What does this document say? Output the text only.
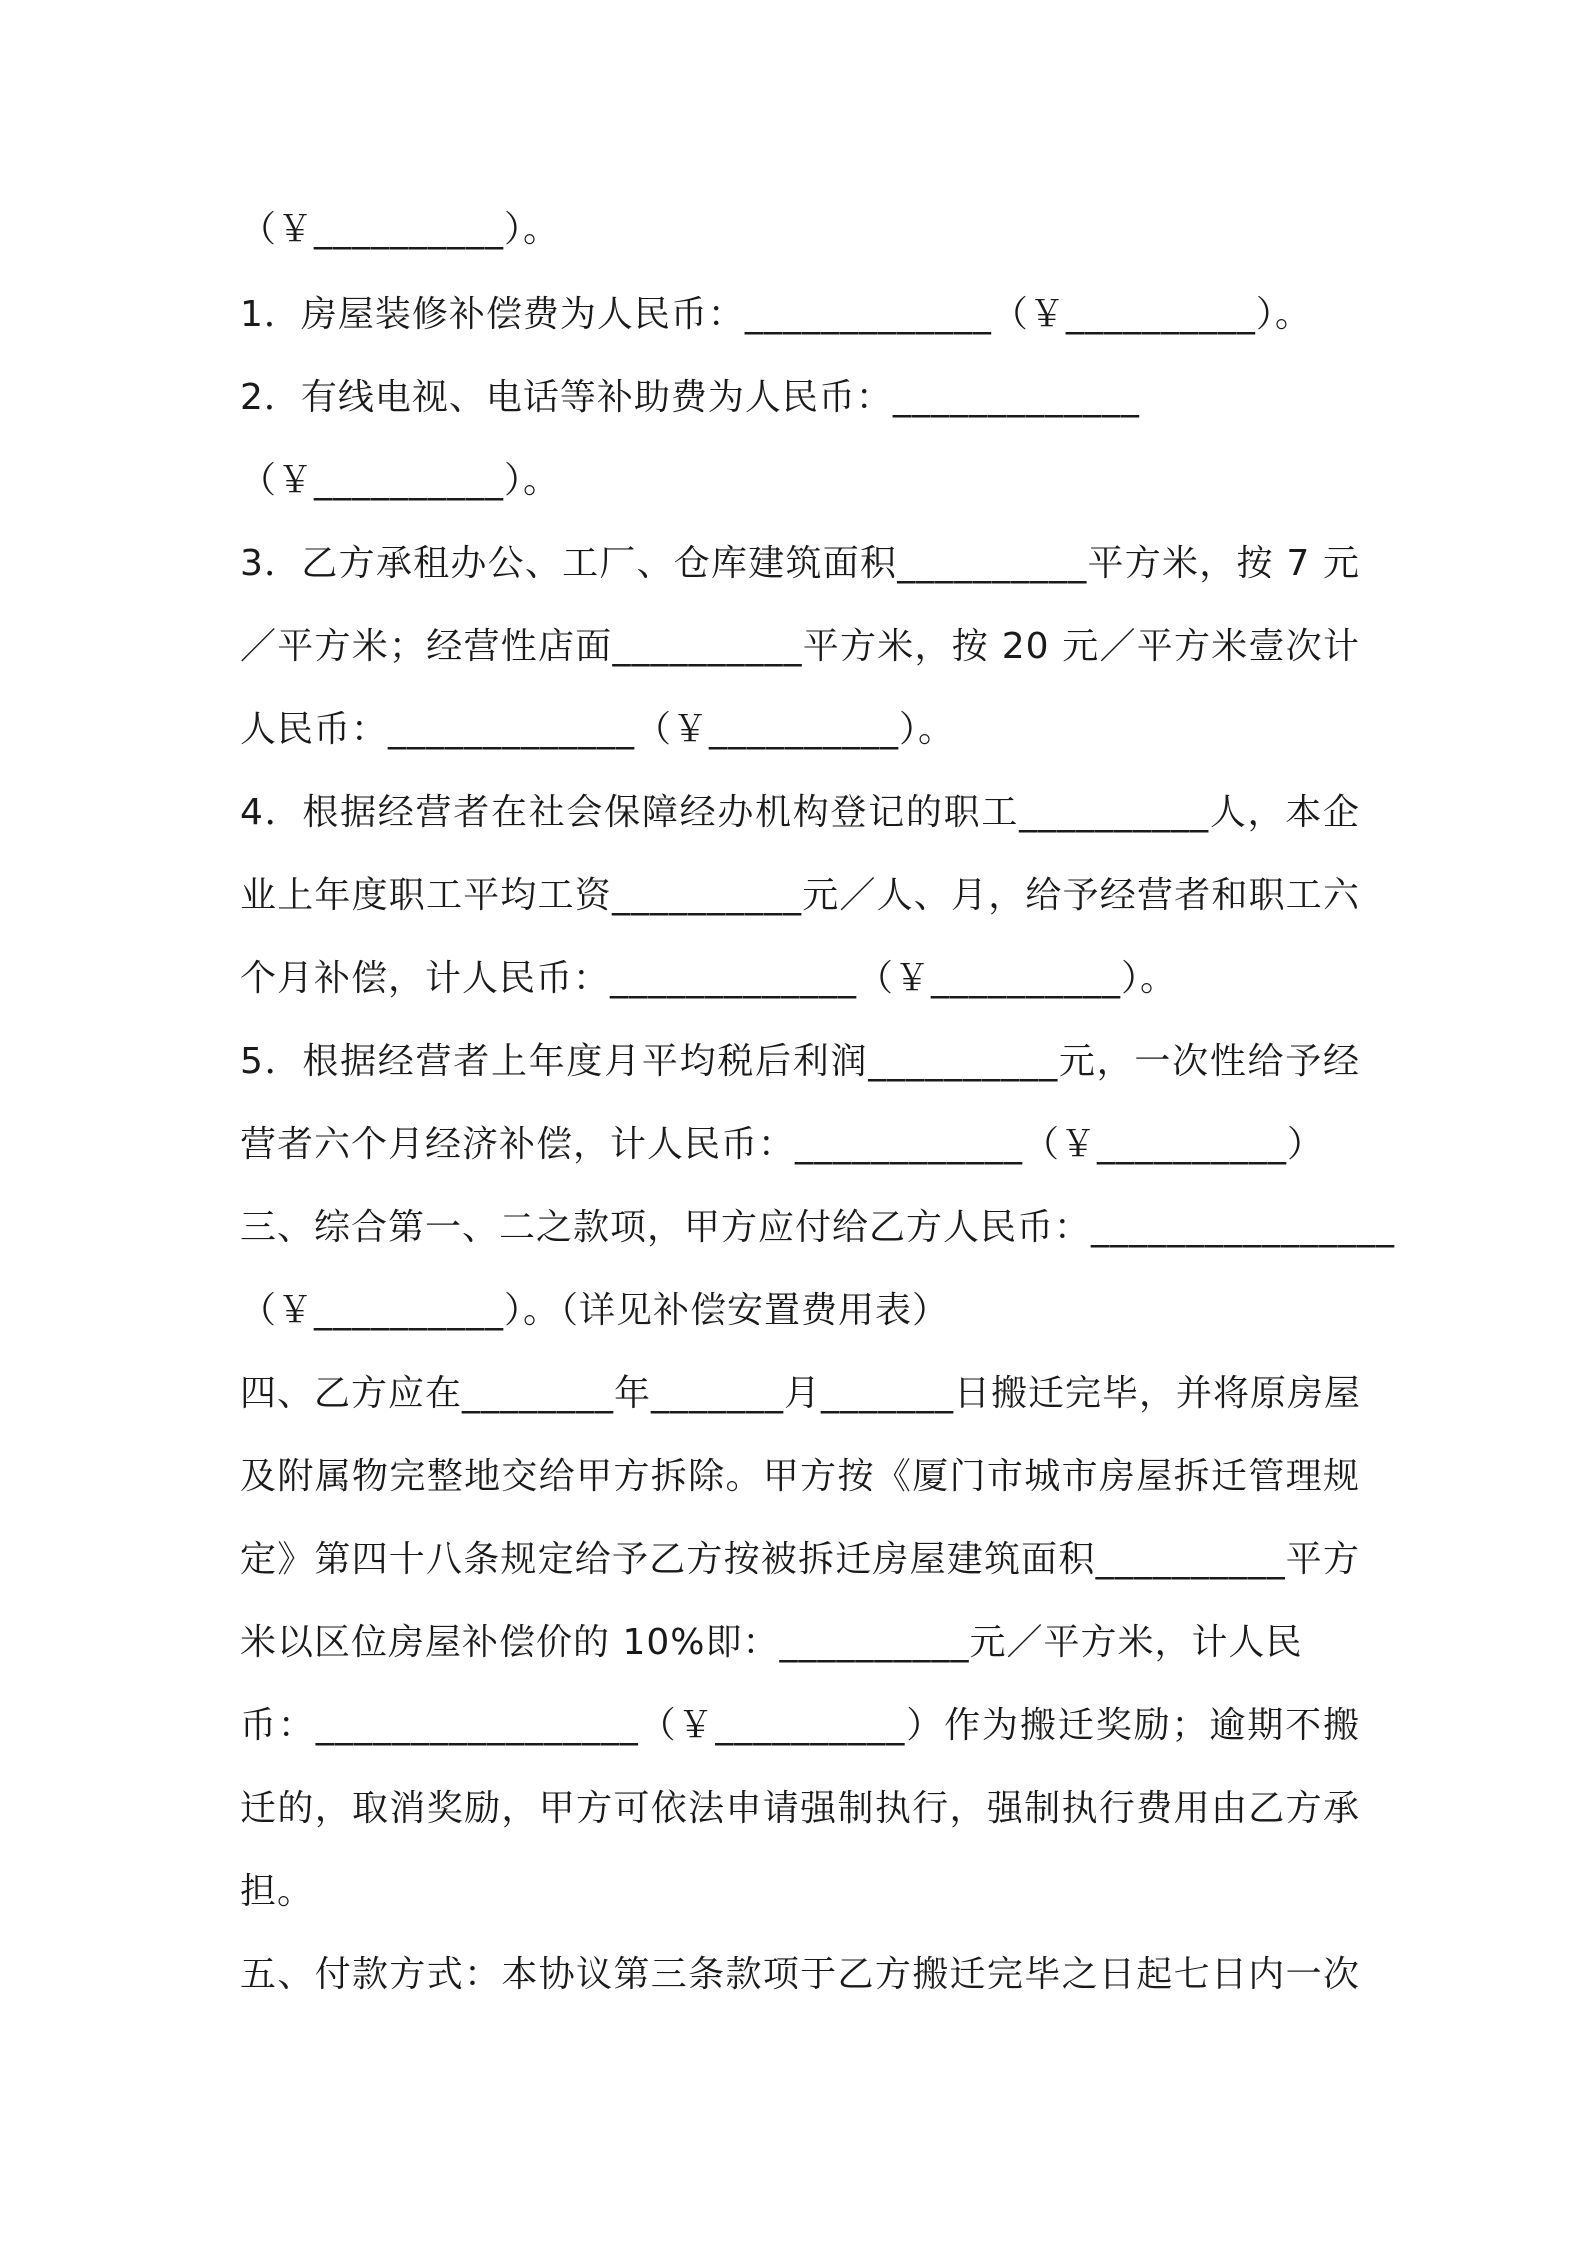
（￥__________）。
1．房屋装修补偿费为人民币：_____________（￥__________）。
2．有线电视、电话等补助费为人民币：_____________
（￥__________）。
3．乙方承租办公、工厂、仓库建筑面积__________平方米，按 7 元
／平方米；经营性店面__________平方米，按 20 元／平方米壹次计
人民币：_____________（￥__________）。
4．根据经营者在社会保障经办机构登记的职工__________人，本企
业上年度职工平均工资__________元／人、月，给予经营者和职工六
个月补偿，计人民币：_____________（￥__________）。
5．根据经营者上年度月平均税后利润__________元，一次性给予经
营者六个月经济补偿，计人民币：____________（￥__________）
三、综合第一、二之款项，甲方应付给乙方人民币：________________
（￥__________）。（详见补偿安置费用表）
四、乙方应在________年_______月_______日搬迁完毕，并将原房屋
及附属物完整地交给甲方拆除。甲方按《厦门市城市房屋拆迁管理规
定》第四十八条规定给予乙方按被拆迁房屋建筑面积__________平方
米以区位房屋补偿价的 10%即：__________元／平方米，计人民
币：_________________（￥__________）作为搬迁奖励；逾期不搬
迁的，取消奖励，甲方可依法申请强制执行，强制执行费用由乙方承
担。
五、付款方式：本协议第三条款项于乙方搬迁完毕之日起七日内一次
